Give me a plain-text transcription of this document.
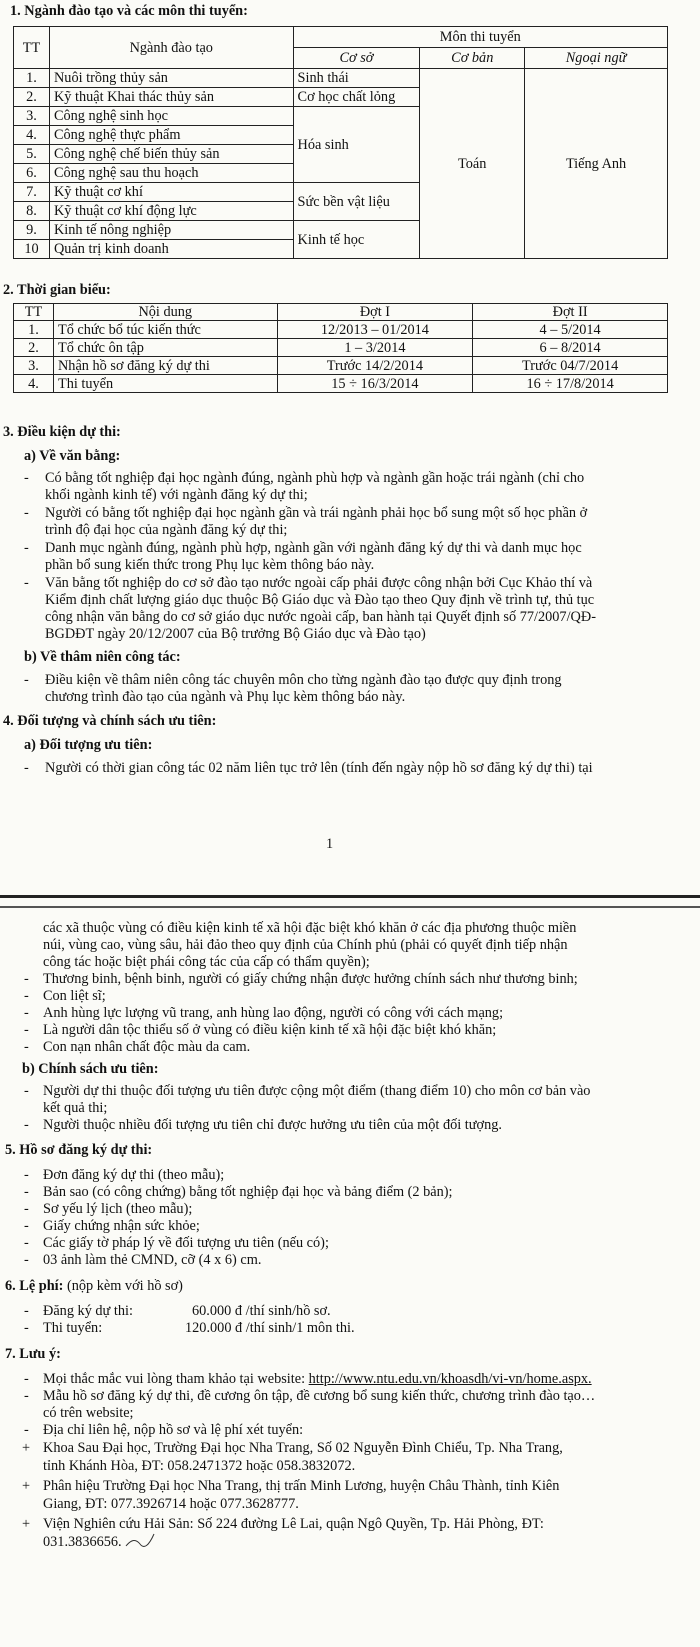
1. Ngành đào tạo và các môn thi tuyển:
TT	Ngành đào tạo	Môn thi tuyển		
		Cơ sở	Cơ bản	Ngoại ngữ
1.	Nuôi trồng thủy sản	Sinh thái	Toán	Tiếng Anh
2.	Kỹ thuật Khai thác thủy sản	Cơ học chất lỏng		
3.	Công nghệ sinh học	Hóa sinh		
4.	Công nghệ thực phẩm			
5.	Công nghệ chế biến thủy sản			
6.	Công nghệ sau thu hoạch			
7.	Kỹ thuật cơ khí	Sức bền vật liệu		
8.	Kỹ thuật cơ khí động lực			
9.	Kinh tế nông nghiệp	Kinh tế học		
10	Quản trị kinh doanh			
2. Thời gian biểu:
TT	Nội dung	Đợt I	Đợt II
1.	Tổ chức bổ túc kiến thức	12/2013 – 01/2014	4 – 5/2014
2.	Tổ chức ôn tập	1 – 3/2014	6 – 8/2014
3.	Nhận hồ sơ đăng ký dự thi	Trước 14/2/2014	Trước 04/7/2014
4.	Thi tuyển	15 ÷ 16/3/2014	16 ÷ 17/8/2014
3. Điều kiện dự thi:
a) Về văn bằng:
- Có bằng tốt nghiệp đại học ngành đúng, ngành phù hợp và ngành gần hoặc trái ngành (chỉ cho
khối ngành kinh tế) với ngành đăng ký dự thi;
- Người có bằng tốt nghiệp đại học ngành gần và trái ngành phải học bổ sung một số học phần ở
trình độ đại học của ngành đăng ký dự thi;
- Danh mục ngành đúng, ngành phù hợp, ngành gần với ngành đăng ký dự thi và danh mục học
phần bổ sung kiến thức trong Phụ lục kèm thông báo này.
- Văn bằng tốt nghiệp do cơ sở đào tạo nước ngoài cấp phải được công nhận bởi Cục Khảo thí và
Kiểm định chất lượng giáo dục thuộc Bộ Giáo dục và Đào tạo theo Quy định về trình tự, thủ tục
công nhận văn bằng do cơ sở giáo dục nước ngoài cấp, ban hành tại Quyết định số 77/2007/QĐ-
BGDĐT ngày 20/12/2007 của Bộ trưởng Bộ Giáo dục và Đào tạo)
b) Về thâm niên công tác:
- Điều kiện về thâm niên công tác chuyên môn cho từng ngành đào tạo được quy định trong
chương trình đào tạo của ngành và Phụ lục kèm thông báo này.
4. Đối tượng và chính sách ưu tiên:
a) Đối tượng ưu tiên:
- Người có thời gian công tác 02 năm liên tục trở lên (tính đến ngày nộp hồ sơ đăng ký dự thi) tại
1
các xã thuộc vùng có điều kiện kinh tế xã hội đặc biệt khó khăn ở các địa phương thuộc miền
núi, vùng cao, vùng sâu, hải đảo theo quy định của Chính phủ (phải có quyết định tiếp nhận
công tác hoặc biệt phái công tác của cấp có thẩm quyền);
- Thương binh, bệnh binh, người có giấy chứng nhận được hưởng chính sách như thương binh;
- Con liệt sĩ;
- Anh hùng lực lượng vũ trang, anh hùng lao động, người có công với cách mạng;
- Là người dân tộc thiểu số ở vùng có điều kiện kinh tế xã hội đặc biệt khó khăn;
- Con nạn nhân chất độc màu da cam.
b) Chính sách ưu tiên:
- Người dự thi thuộc đối tượng ưu tiên được cộng một điểm (thang điểm 10) cho môn cơ bản vào
kết quả thi;
- Người thuộc nhiều đối tượng ưu tiên chỉ được hưởng ưu tiên của một đối tượng.
5. Hồ sơ đăng ký dự thi:
- Đơn đăng ký dự thi (theo mẫu);
- Bản sao (có công chứng) bằng tốt nghiệp đại học và bảng điểm (2 bản);
- Sơ yếu lý lịch (theo mẫu);
- Giấy chứng nhận sức khỏe;
- Các giấy tờ pháp lý về đối tượng ưu tiên (nếu có);
- 03 ảnh làm thẻ CMND, cỡ (4 x 6) cm.
6. Lệ phí: (nộp kèm với hồ sơ)
- Đăng ký dự thi:	60.000 đ /thí sinh/hồ sơ.
- Thi tuyển:	120.000 đ /thí sinh/1 môn thi.
7. Lưu ý:
- Mọi thắc mắc vui lòng tham khảo tại website: http://www.ntu.edu.vn/khoasdh/vi-vn/home.aspx.
- Mẫu hồ sơ đăng ký dự thi, đề cương ôn tập, đề cương bổ sung kiến thức, chương trình đào tạo…
có trên website;
- Địa chỉ liên hệ, nộp hồ sơ và lệ phí xét tuyển:
+ Khoa Sau Đại học, Trường Đại học Nha Trang, Số 02 Nguyễn Đình Chiểu, Tp. Nha Trang,
tỉnh Khánh Hòa, ĐT: 058.2471372 hoặc 058.3832072.
+ Phân hiệu Trường Đại học Nha Trang, thị trấn Minh Lương, huyện Châu Thành, tỉnh Kiên
Giang, ĐT: 077.3926714 hoặc 077.3628777.
+ Viện Nghiên cứu Hải Sản: Số 224 đường Lê Lai, quận Ngô Quyền, Tp. Hải Phòng, ĐT:
031.3836656.
